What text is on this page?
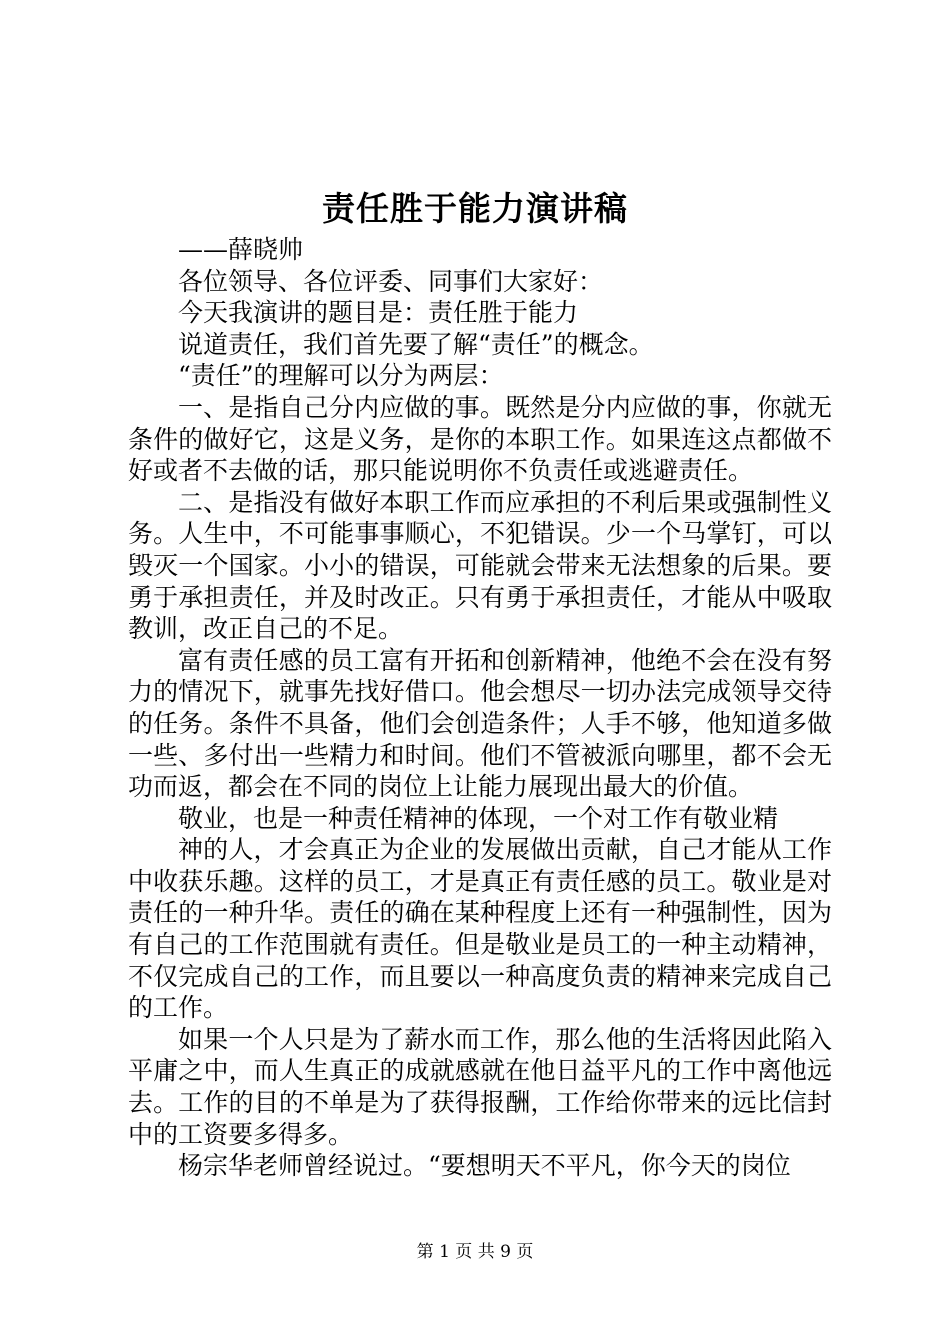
责任胜于能力演讲稿

——薛晓帅

各位领导、各位评委、同事们大家好：

今天我演讲的题目是：责任胜于能力

说道责任，我们首先要了解“责任”的概念。

“责任”的理解可以分为两层：

一、是指自己分内应做的事。既然是分内应做的事，你就无条件的做好它，这是义务，是你的本职工作。如果连这点都做不好或者不去做的话，那只能说明你不负责任或逃避责任。

二、是指没有做好本职工作而应承担的不利后果或强制性义务。人生中，不可能事事顺心，不犯错误。少一个马掌钉，可以毁灭一个国家。小小的错误，可能就会带来无法想象的后果。要勇于承担责任，并及时改正。只有勇于承担责任，才能从中吸取教训，改正自己的不足。

富有责任感的员工富有开拓和创新精神，他绝不会在没有努力的情况下，就事先找好借口。他会想尽一切办法完成领导交待的任务。条件不具备，他们会创造条件；人手不够，他知道多做一些、多付出一些精力和时间。他们不管被派向哪里，都不会无功而返，都会在不同的岗位上让能力展现出最大的价值。

敬业，也是一种责任精神的体现，一个对工作有敬业精

神的人，才会真正为企业的发展做出贡献，自己才能从工作中收获乐趣。这样的员工，才是真正有责任感的员工。敬业是对责任的一种升华。责任的确在某种程度上还有一种强制性，因为有自己的工作范围就有责任。但是敬业是员工的一种主动精神，不仅完成自己的工作，而且要以一种高度负责的精神来完成自己的工作。

如果一个人只是为了薪水而工作，那么他的生活将因此陷入平庸之中，而人生真正的成就感就在他日益平凡的工作中离他远去。工作的目的不单是为了获得报酬，工作给你带来的远比信封中的工资要多得多。

杨宗华老师曾经说过。“要想明天不平凡，你今天的岗位

第 1 页 共 9 页
